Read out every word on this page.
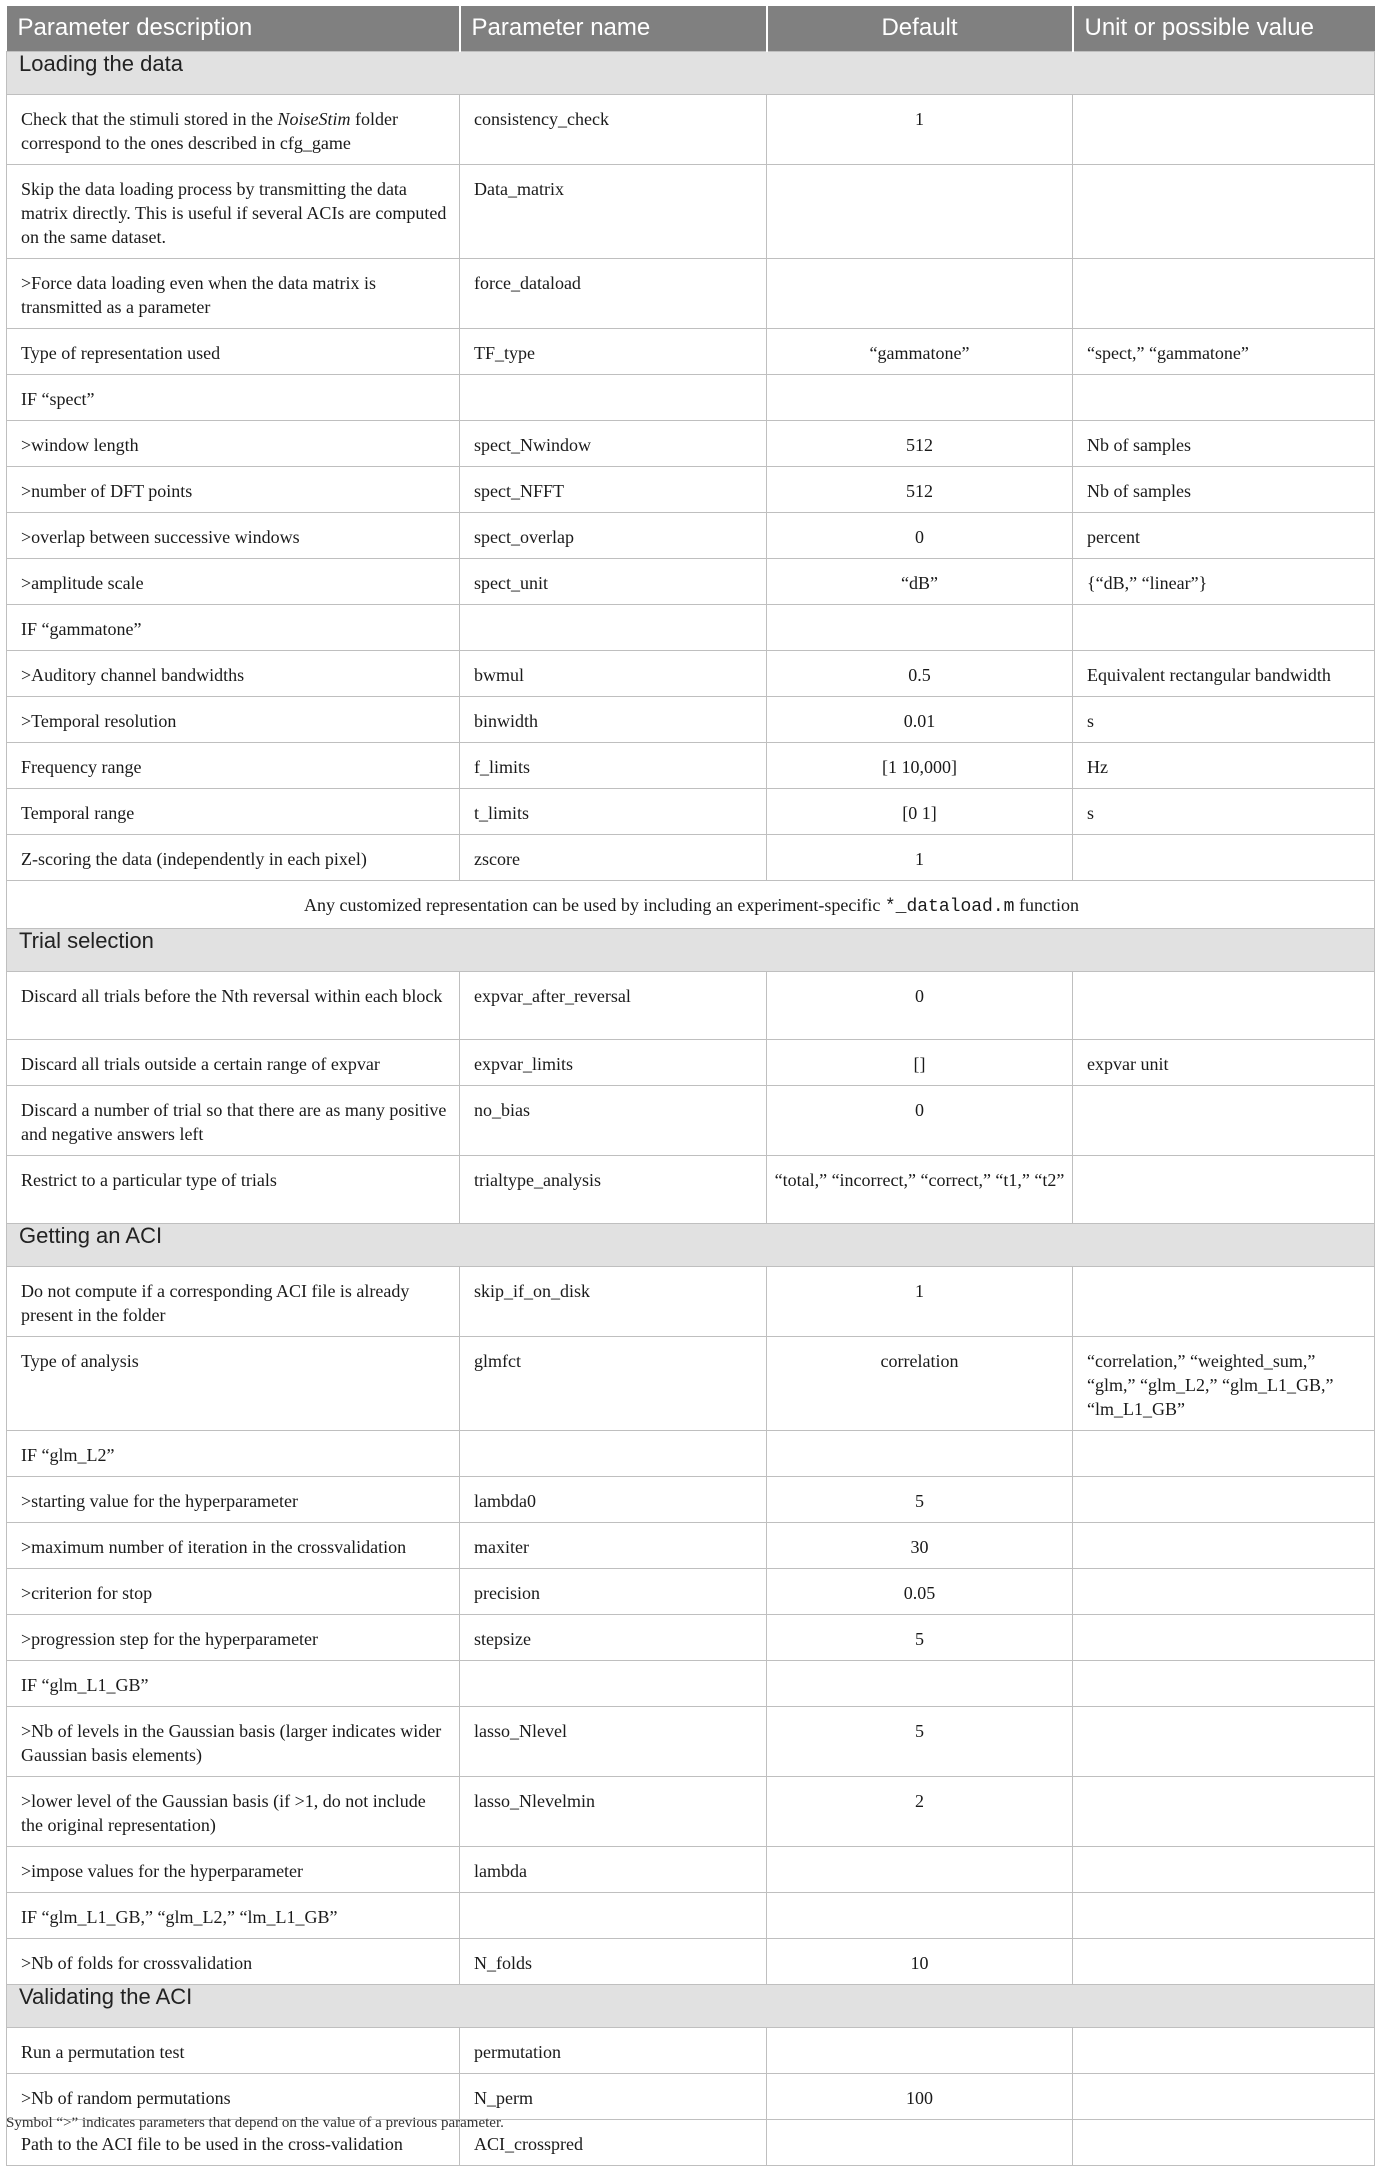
Parameter description	Parameter name	Default	Unit or possible value
Loading the data			
Check that the stimuli stored in the NoiseStim folder correspond to the ones described in cfg_game	consistency_check	1	
Skip the data loading process by transmitting the data matrix directly. This is useful if several ACIs are computed on the same dataset.	Data_matrix		
>Force data loading even when the data matrix is transmitted as a parameter	force_dataload		
Type of representation used	TF_type	“gammatone”	“spect,” “gammatone”
IF “spect”			
>window length	spect_Nwindow	512	Nb of samples
>number of DFT points	spect_NFFT	512	Nb of samples
>overlap between successive windows	spect_overlap	0	percent
>amplitude scale	spect_unit	“dB”	{“dB,” “linear”}
IF “gammatone”			
>Auditory channel bandwidths	bwmul	0.5	Equivalent rectangular bandwidth
>Temporal resolution	binwidth	0.01	s
Frequency range	f_limits	[1 10,000]	Hz
Temporal range	t_limits	[0 1]	s
Z-scoring the data (independently in each pixel)	zscore	1	
Any customized representation can be used by including an experiment-specific *_dataload.m function			
Trial selection			
Discard all trials before the Nth reversal within each block	expvar_after_reversal	0	
Discard all trials outside a certain range of expvar	expvar_limits	[]	expvar unit
Discard a number of trial so that there are as many positive and negative answers left	no_bias	0	
Restrict to a particular type of trials	trialtype_analysis	“total,” “incorrect,” “correct,” “t1,” “t2”	
Getting an ACI			
Do not compute if a corresponding ACI file is already present in the folder	skip_if_on_disk	1	
Type of analysis	glmfct	correlation	“correlation,” “weighted_sum,” “glm,” “glm_L2,” “glm_L1_GB,” “lm_L1_GB”
IF “glm_L2”			
>starting value for the hyperparameter	lambda0	5	
>maximum number of iteration in the crossvalidation	maxiter	30	
>criterion for stop	precision	0.05	
>progression step for the hyperparameter	stepsize	5	
IF “glm_L1_GB”			
>Nb of levels in the Gaussian basis (larger indicates wider Gaussian basis elements)	lasso_Nlevel	5	
>lower level of the Gaussian basis (if >1, do not include the original representation)	lasso_Nlevelmin	2	
>impose values for the hyperparameter	lambda		
IF “glm_L1_GB,” “glm_L2,” “lm_L1_GB”			
>Nb of folds for crossvalidation	N_folds	10	
Validating the ACI			
Run a permutation test	permutation		
>Nb of random permutations	N_perm	100	
Path to the ACI file to be used in the cross-validation	ACI_crosspred		
Symbol “>” indicates parameters that depend on the value of a previous parameter.
